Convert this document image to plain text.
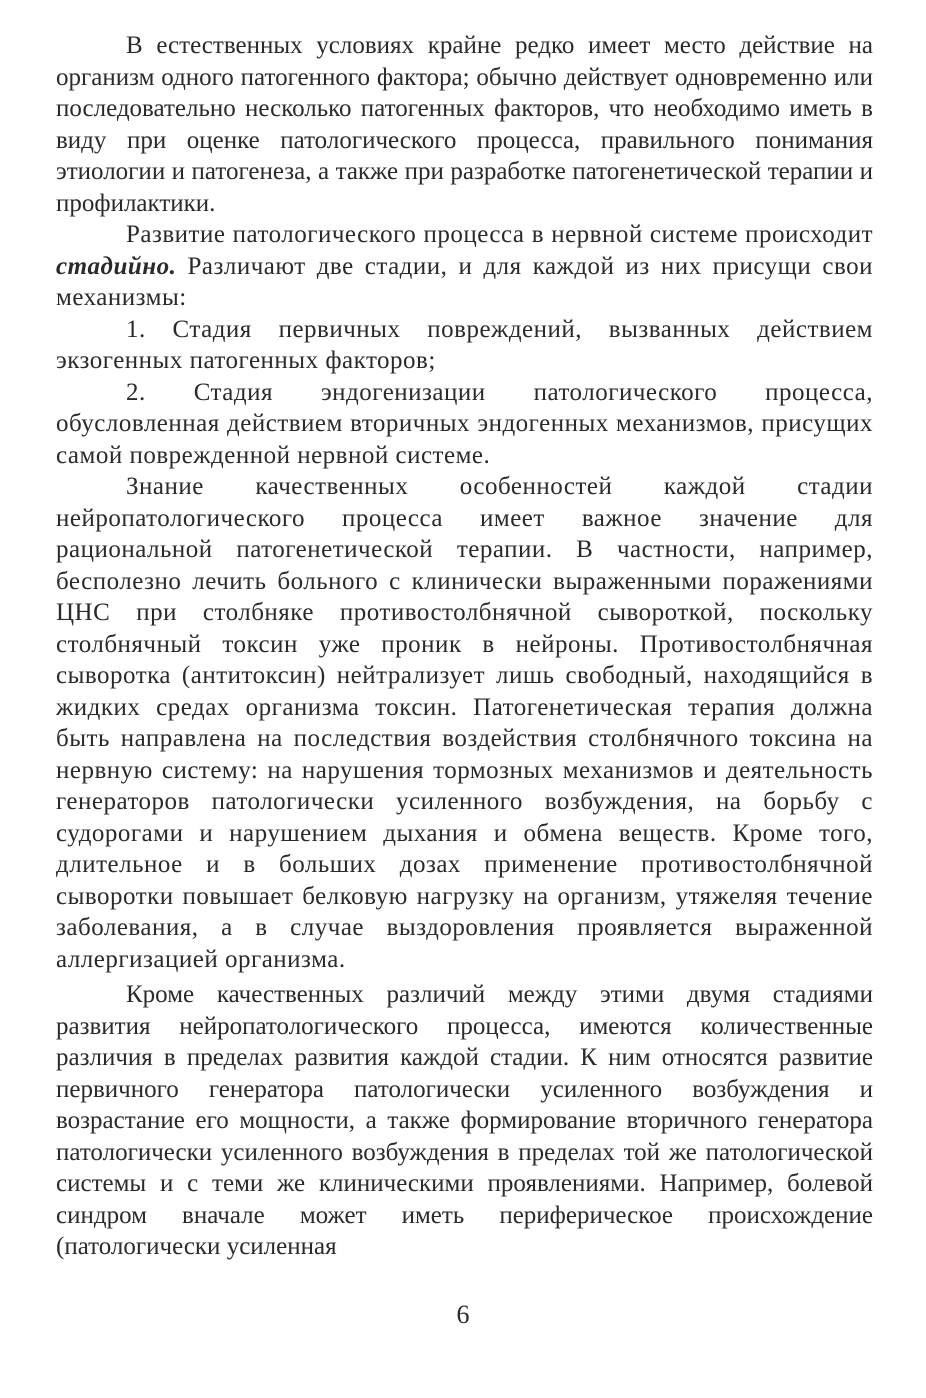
В естественных условиях крайне редко имеет место действие на организм одного патогенного фактора; обычно действует одновременно или последовательно несколько патогенных факторов, что необходимо иметь в виду при оценке патологического процесса, правильного понимания этиологии и патогенеза, а также при разработке патогенетической терапии и профилактики.

Развитие патологического процесса в нервной системе происходит стадийно. Различают две стадии, и для каждой из них присущи свои механизмы:

1. Стадия первичных повреждений, вызванных действием экзогенных патогенных факторов;

2. Стадия эндогенизации патологического процесса, обусловленная действием вторичных эндогенных механизмов, присущих самой поврежденной нервной системе.

Знание качественных особенностей каждой стадии нейропатологического процесса имеет важное значение для рациональной патогенетической терапии. В частности, например, бесполезно лечить больного с клинически выраженными поражениями ЦНС при столбняке противостолбнячной сывороткой, поскольку столбнячный токсин уже проник в нейроны. Противостолбнячная сыворотка (антитоксин) нейтрализует лишь свободный, находящийся в жидких средах организма токсин. Патогенетическая терапия должна быть направлена на последствия воздействия столбнячного токсина на нервную систему: на нарушения тормозных механизмов и деятельность генераторов патологически усиленного возбуждения, на борьбу с судорогами и нарушением дыхания и обмена веществ. Кроме того, длительное и в больших дозах применение противостолбнячной сыворотки повышает белковую нагрузку на организм, утяжеляя течение заболевания, а в случае выздоровления проявляется выраженной аллергизацией организма.

Кроме качественных различий между этими двумя стадиями развития нейропатологического процесса, имеются количественные различия в пределах развития каждой стадии. К ним относятся развитие первичного генератора патологически усиленного возбуждения и возрастание его мощности, а также формирование вторичного генератора патологически усиленного возбуждения в пределах той же патологической системы и с теми же клиническими проявлениями. Например, болевой синдром вначале может иметь периферическое происхождение (патологически усиленная

6
